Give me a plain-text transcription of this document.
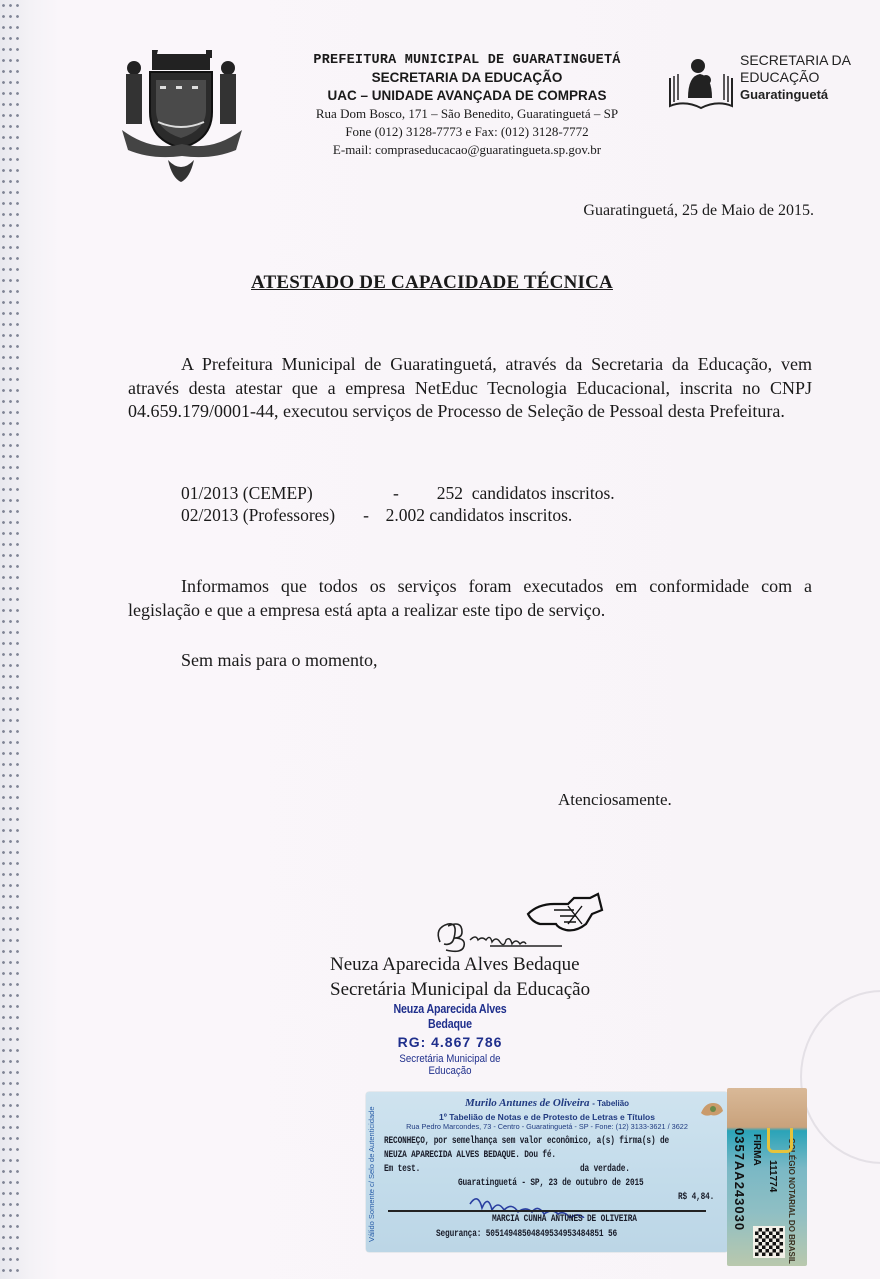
PREFEITURA MUNICIPAL DE GUARATINGUETÁ
SECRETARIA DA EDUCAÇÃO
UAC – UNIDADE AVANÇADA DE COMPRAS
Rua Dom Bosco, 171 – São Benedito, Guaratinguetá – SP
Fone (012) 3128-7773 e Fax: (012) 3128-7772
E-mail: compraseducacao@guaratingueta.sp.gov.br
SECRETARIA DA
EDUCAÇÃO
Guaratinguetá
Guaratinguetá, 25 de Maio de 2015.
ATESTADO DE CAPACIDADE TÉCNICA
A Prefeitura Municipal de Guaratinguetá, através da Secretaria da Educação, vem através desta atestar que a empresa NetEduc Tecnologia Educacional, inscrita no CNPJ 04.659.179/0001-44, executou serviços de Processo de Seleção de Pessoal desta Prefeitura.
01/2013 (CEMEP)	- 252 candidatos inscritos.
02/2013 (Professores) - 2.002 candidatos inscritos.
Informamos que todos os serviços foram executados em conformidade com a legislação e que a empresa está apta a realizar este tipo de serviço.
Sem mais para o momento,
Atenciosamente.
Neuza Aparecida Alves Bedaque
Secretária Municipal da Educação
Neuza Aparecida Alves Bedaque
RG: 4.867 786
Secretária Municipal de Educação
Válido Somente c/ Selo de Autenticidade
Murilo Antunes de Oliveira - Tabelião
1º Tabelião de Notas e de Protesto de Letras e Títulos
Rua Pedro Marcondes, 73 - Centro - Guaratinguetá - SP - Fone: (12) 3133-3621 / 3622
RECONHEÇO, por semelhança sem valor econômico, a(s) firma(s) de
NEUZA APARECIDA ALVES BEDAQUE. Dou fé.
Em test.	da verdade.
Guaratinguetá - SP, 23 de outubro de 2015
R$ 4,84.
MARCIA CUNHA ANTUNES DE OLIVEIRA
Segurança: 50514948504849534953484851 56
0357AA243030 FIRMA
111774 COLÉGIO NOTARIAL DO BRASIL
